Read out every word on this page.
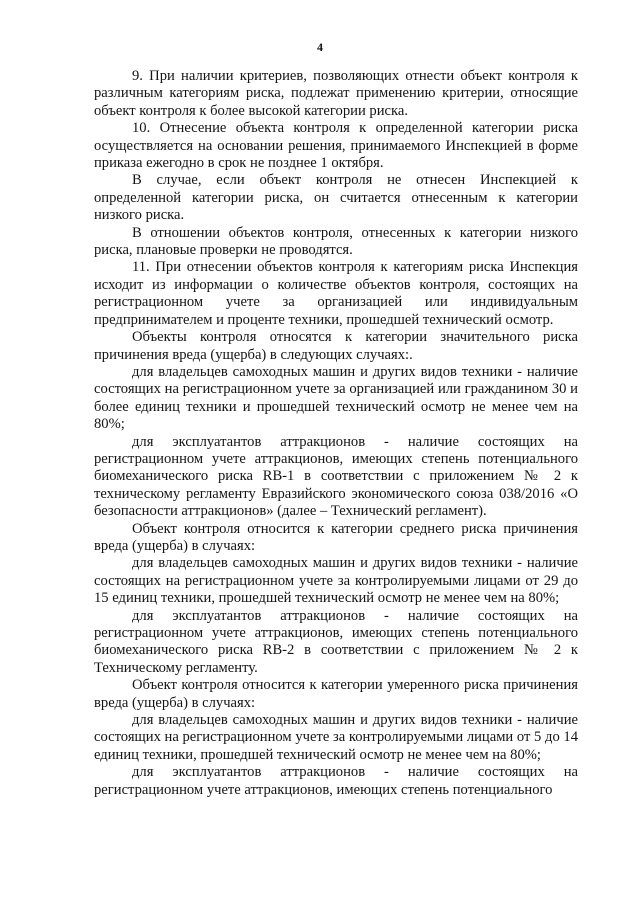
4

9. При наличии критериев, позволяющих отнести объект контроля к различным категориям риска, подлежат применению критерии, относящие объект контроля к более высокой категории риска.

10. Отнесение объекта контроля к определенной категории риска осуществляется на основании решения, принимаемого Инспекцией в форме приказа ежегодно в срок не позднее 1 октября.

В случае, если объект контроля не отнесен Инспекцией к определенной категории риска, он считается отнесенным к категории низкого риска.

В отношении объектов контроля, отнесенных к категории низкого риска, плановые проверки не проводятся.

11. При отнесении объектов контроля к категориям риска Инспекция исходит из информации о количестве объектов контроля, состоящих на регистрационном учете за организацией или индивидуальным предпринимателем и проценте техники, прошедшей технический осмотр.

Объекты контроля относятся к категории значительного риска причинения вреда (ущерба) в следующих случаях:.

для владельцев самоходных машин и других видов техники - наличие состоящих на регистрационном учете за организацией или гражданином 30 и более единиц техники и прошедшей технический осмотр не менее чем на 80%;

для эксплуатантов аттракционов - наличие состоящих на регистрационном учете аттракционов, имеющих степень потенциального биомеханического риска RB-1 в соответствии с приложением № 2 к техническому регламенту Евразийского экономического союза 038/2016 «О безопасности аттракционов» (далее – Технический регламент).

Объект контроля относится к категории среднего риска причинения вреда (ущерба) в случаях:

для владельцев самоходных машин и других видов техники - наличие состоящих на регистрационном учете за контролируемыми лицами от 29 до 15 единиц техники, прошедшей технический осмотр не менее чем на 80%;

для эксплуатантов аттракционов - наличие состоящих на регистрационном учете аттракционов, имеющих степень потенциального биомеханического риска RB-2 в соответствии с приложением № 2 к Техническому регламенту.

Объект контроля относится к категории умеренного риска причинения вреда (ущерба) в случаях:

для владельцев самоходных машин и других видов техники - наличие состоящих на регистрационном учете за контролируемыми лицами от 5 до 14 единиц техники, прошедшей технический осмотр не менее чем на 80%;

для эксплуатантов аттракционов - наличие состоящих на регистрационном учете аттракционов, имеющих степень потенциального
